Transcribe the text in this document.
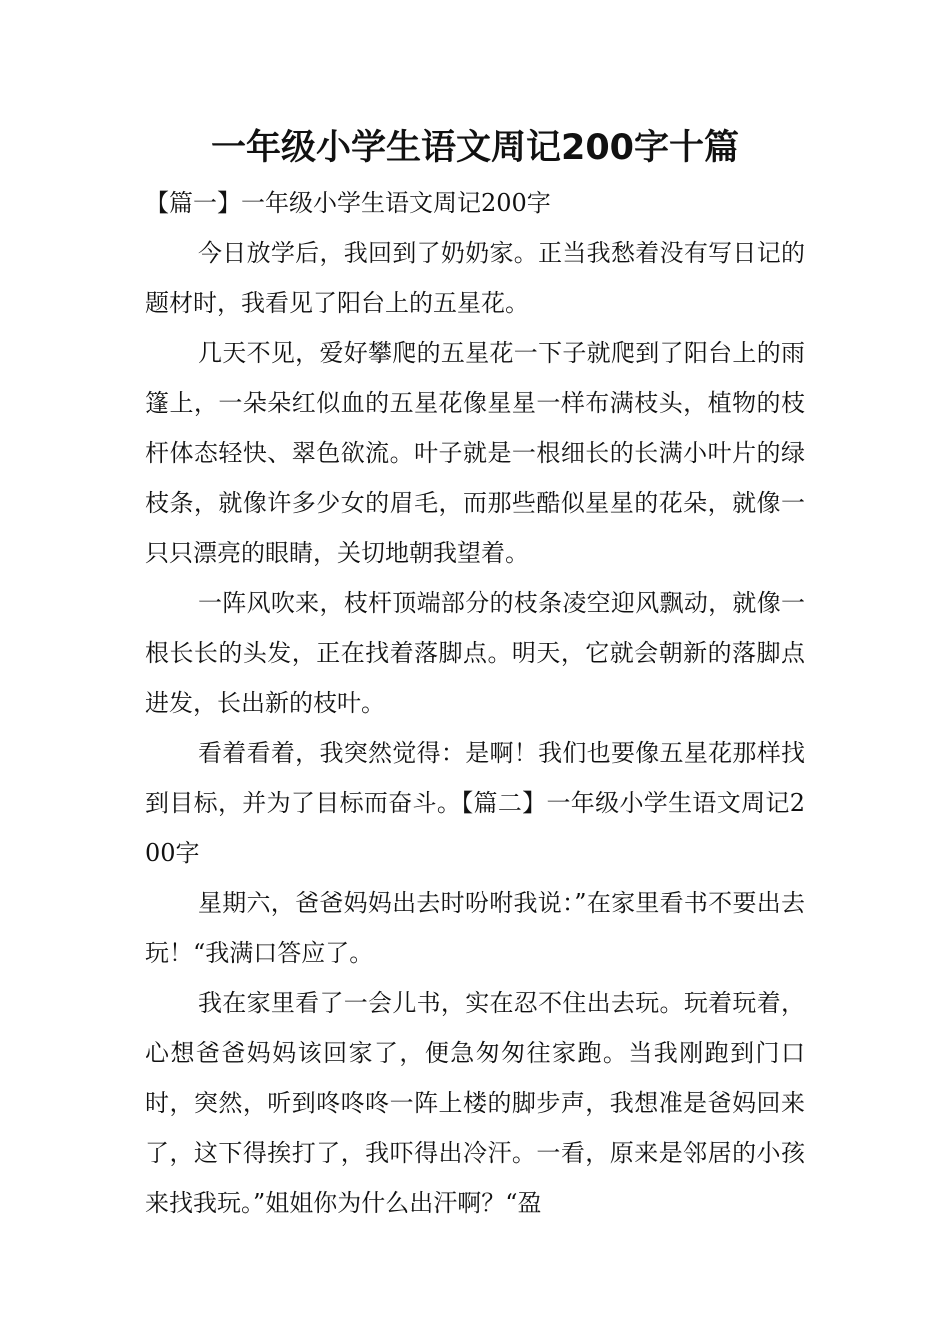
一年级小学生语文周记200字十篇

【篇一】一年级小学生语文周记200字

今日放学后，我回到了奶奶家。正当我愁着没有写日记的题材时，我看见了阳台上的五星花。

几天不见，爱好攀爬的五星花一下子就爬到了阳台上的雨篷上，一朵朵红似血的五星花像星星一样布满枝头，植物的枝杆体态轻快、翠色欲流。叶子就是一根细长的长满小叶片的绿枝条，就像许多少女的眉毛，而那些酷似星星的花朵，就像一只只漂亮的眼睛，关切地朝我望着。

一阵风吹来，枝杆顶端部分的枝条凌空迎风飘动，就像一根长长的头发，正在找着落脚点。明天，它就会朝新的落脚点进发，长出新的枝叶。

看着看着，我突然觉得：是啊！我们也要像五星花那样找到目标，并为了目标而奋斗。【篇二】一年级小学生语文周记200字

星期六，爸爸妈妈出去时吩咐我说：”在家里看书不要出去玩！“我满口答应了。

我在家里看了一会儿书，实在忍不住出去玩。玩着玩着，心想爸爸妈妈该回家了，便急匆匆往家跑。当我刚跑到门口时，突然，听到咚咚咚一阵上楼的脚步声，我想准是爸妈回来了，这下得挨打了，我吓得出冷汗。一看，原来是邻居的小孩来找我玩。”姐姐你为什么出汗啊？“盈
